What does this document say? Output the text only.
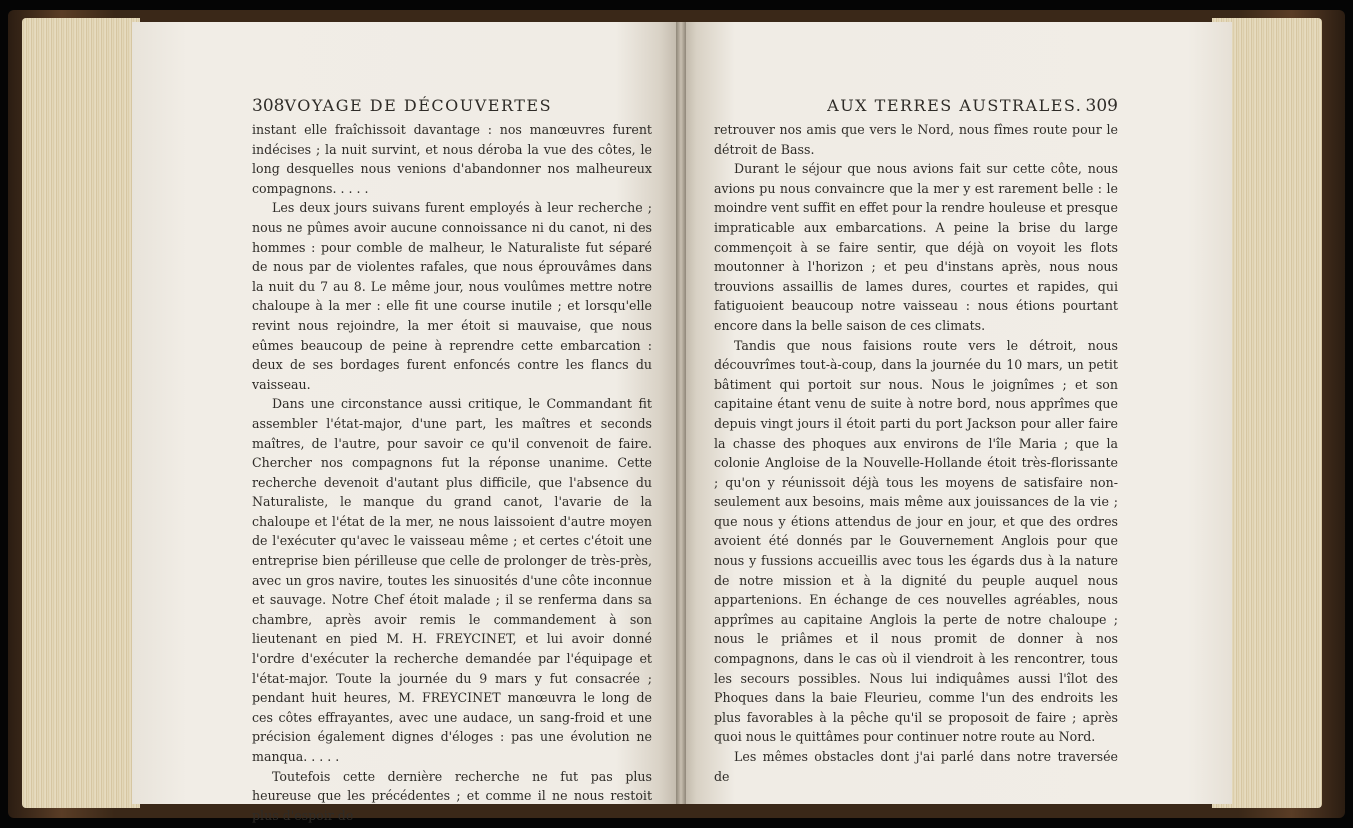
308 VOYAGE DE DÉCOUVERTES

instant elle fraîchissoit davantage : nos manœuvres furent indécises ; la nuit survint, et nous déroba la vue des côtes, le long desquelles nous venions d'abandonner nos malheureux compagnons. . . . .

Les deux jours suivans furent employés à leur recherche ; nous ne pûmes avoir aucune connoissance ni du canot, ni des hommes : pour comble de malheur, le Naturaliste fut séparé de nous par de violentes rafales, que nous éprouvâmes dans la nuit du 7 au 8. Le même jour, nous voulûmes mettre notre chaloupe à la mer : elle fit une course inutile ; et lorsqu'elle revint nous rejoindre, la mer étoit si mauvaise, que nous eûmes beaucoup de peine à reprendre cette embarcation : deux de ses bordages furent enfoncés contre les flancs du vaisseau.

Dans une circonstance aussi critique, le Commandant fit assembler l'état-major, d'une part, les maîtres et seconds maîtres, de l'autre, pour savoir ce qu'il convenoit de faire. Chercher nos compagnons fut la réponse unanime. Cette recherche devenoit d'autant plus difficile, que l'absence du Naturaliste, le manque du grand canot, l'avarie de la chaloupe et l'état de la mer, ne nous laissoient d'autre moyen de l'exécuter qu'avec le vaisseau même ; et certes c'étoit une entreprise bien périlleuse que celle de prolonger de très-près, avec un gros navire, toutes les sinuosités d'une côte inconnue et sauvage. Notre Chef étoit malade ; il se renferma dans sa chambre, après avoir remis le commandement à son lieutenant en pied M. H. FREYCINET, et lui avoir donné l'ordre d'exécuter la recherche demandée par l'équipage et l'état-major. Toute la journée du 9 mars y fut consacrée ; pendant huit heures, M. FREYCINET manœuvra le long de ces côtes effrayantes, avec une audace, un sang-froid et une précision également dignes d'éloges : pas une évolution ne manqua. . . . .

Toutefois cette dernière recherche ne fut pas plus heureuse que les précédentes ; et comme il ne nous restoit plus d'espoir de

AUX TERRES AUSTRALES. 309

retrouver nos amis que vers le Nord, nous fîmes route pour le détroit de Bass.

Durant le séjour que nous avions fait sur cette côte, nous avions pu nous convaincre que la mer y est rarement belle : le moindre vent suffit en effet pour la rendre houleuse et presque impraticable aux embarcations. A peine la brise du large commençoit à se faire sentir, que déjà on voyoit les flots moutonner à l'horizon ; et peu d'instans après, nous nous trouvions assaillis de lames dures, courtes et rapides, qui fatiguoient beaucoup notre vaisseau : nous étions pourtant encore dans la belle saison de ces climats.

Tandis que nous faisions route vers le détroit, nous découvrîmes tout-à-coup, dans la journée du 10 mars, un petit bâtiment qui portoit sur nous. Nous le joignîmes ; et son capitaine étant venu de suite à notre bord, nous apprîmes que depuis vingt jours il étoit parti du port Jackson pour aller faire la chasse des phoques aux environs de l'île Maria ; que la colonie Angloise de la Nouvelle-Hollande étoit très-florissante ; qu'on y réunissoit déjà tous les moyens de satisfaire non-seulement aux besoins, mais même aux jouissances de la vie ; que nous y étions attendus de jour en jour, et que des ordres avoient été donnés par le Gouvernement Anglois pour que nous y fussions accueillis avec tous les égards dus à la nature de notre mission et à la dignité du peuple auquel nous appartenions. En échange de ces nouvelles agréables, nous apprîmes au capitaine Anglois la perte de notre chaloupe ; nous le priâmes et il nous promit de donner à nos compagnons, dans le cas où il viendroit à les rencontrer, tous les secours possibles. Nous lui indiquâmes aussi l'îlot des Phoques dans la baie Fleurieu, comme l'un des endroits les plus favorables à la pêche qu'il se proposoit de faire ; après quoi nous le quittâmes pour continuer notre route au Nord.

Les mêmes obstacles dont j'ai parlé dans notre traversée de
